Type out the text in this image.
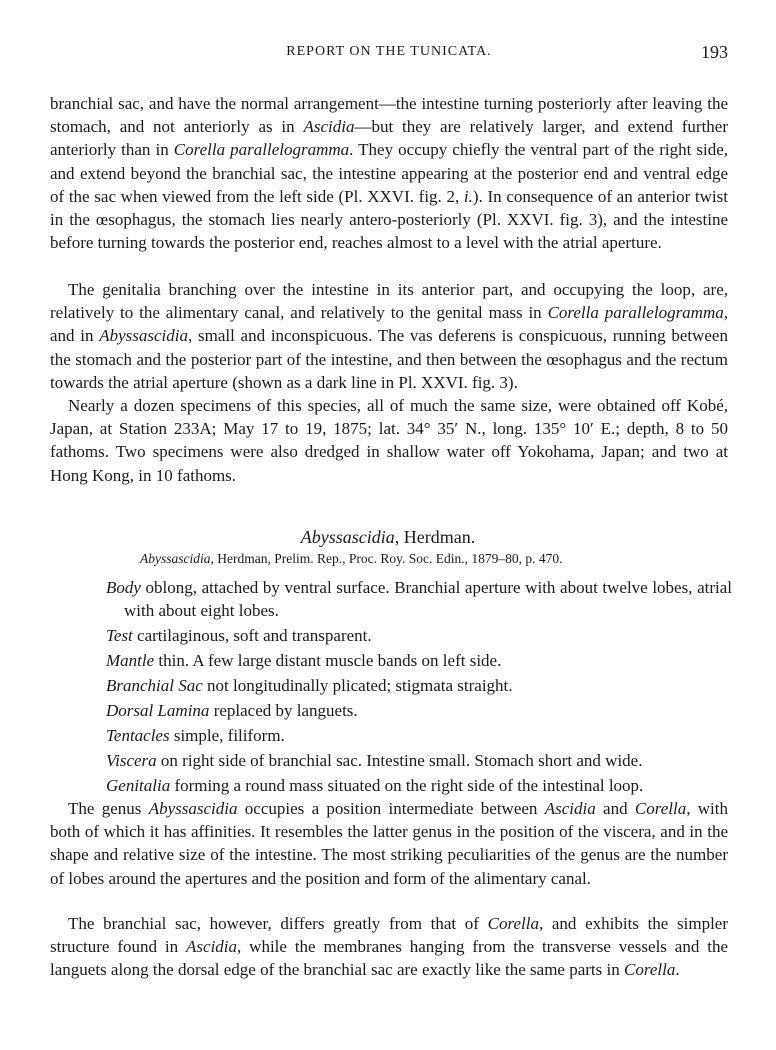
REPORT ON THE TUNICATA.	193

branchial sac, and have the normal arrangement—the intestine turning posteriorly after leaving the stomach, and not anteriorly as in Ascidia—but they are relatively larger, and extend further anteriorly than in Corella parallelogramma. They occupy chiefly the ventral part of the right side, and extend beyond the branchial sac, the intestine appearing at the posterior end and ventral edge of the sac when viewed from the left side (Pl. XXVI. fig. 2, i.). In consequence of an anterior twist in the œsophagus, the stomach lies nearly antero-posteriorly (Pl. XXVI. fig. 3), and the intestine before turning towards the posterior end, reaches almost to a level with the atrial aperture.

The genitalia branching over the intestine in its anterior part, and occupying the loop, are, relatively to the alimentary canal, and relatively to the genital mass in Corella parallelogramma, and in Abyssascidia, small and inconspicuous. The vas deferens is conspicuous, running between the stomach and the posterior part of the intestine, and then between the œsophagus and the rectum towards the atrial aperture (shown as a dark line in Pl. XXVI. fig. 3).

Nearly a dozen specimens of this species, all of much the same size, were obtained off Kobé, Japan, at Station 233A; May 17 to 19, 1875; lat. 34° 35′ N., long. 135° 10′ E.; depth, 8 to 50 fathoms. Two specimens were also dredged in shallow water off Yokohama, Japan; and two at Hong Kong, in 10 fathoms.

Abyssascidia, Herdman.
Abyssascidia, Herdman, Prelim. Rep., Proc. Roy. Soc. Edin., 1879–80, p. 470.
Body oblong, attached by ventral surface. Branchial aperture with about twelve lobes, atrial with about eight lobes.
Test cartilaginous, soft and transparent.
Mantle thin. A few large distant muscle bands on left side.
Branchial Sac not longitudinally plicated; stigmata straight.
Dorsal Lamina replaced by languets.
Tentacles simple, filiform.
Viscera on right side of branchial sac. Intestine small. Stomach short and wide.
Genitalia forming a round mass situated on the right side of the intestinal loop.

The genus Abyssascidia occupies a position intermediate between Ascidia and Corella, with both of which it has affinities. It resembles the latter genus in the position of the viscera, and in the shape and relative size of the intestine. The most striking peculiarities of the genus are the number of lobes around the apertures and the position and form of the alimentary canal.

The branchial sac, however, differs greatly from that of Corella, and exhibits the simpler structure found in Ascidia, while the membranes hanging from the transverse vessels and the languets along the dorsal edge of the branchial sac are exactly like the same parts in Corella.
